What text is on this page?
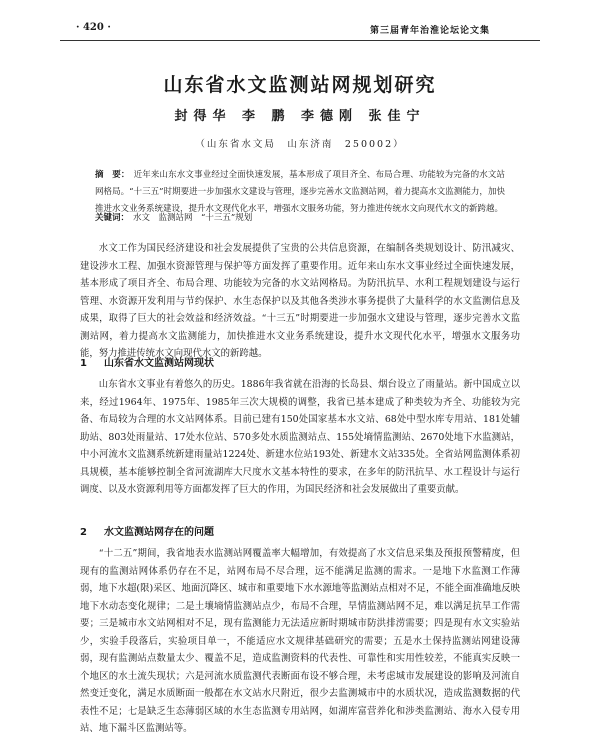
· 420 ·	第三届青年治淮论坛论文集
山东省水文监测站网规划研究
封得华 李 鹏 李德刚 张佳宁
（山东省水文局　山东济南　250002）
摘　要： 近年来山东水文事业经过全面快速发展，基本形成了项目齐全、布局合理、功能较为完备的水文站网格局。“十三五”时期要进一步加强水文建设与管理，逐步完善水文监测站网，着力提高水文监测能力，加快推进水文业务系统建设，提升水文现代化水平，增强水文服务功能，努力推进传统水文向现代水文的新跨越。
关键词： 水文　监测站网　“十三五”规划
水文工作为国民经济建设和社会发展提供了宝贵的公共信息资源，在编制各类规划设计、防汛减灾、建设涉水工程、加强水资源管理与保护等方面发挥了重要作用。近年来山东水文事业经过全面快速发展，基本形成了项目齐全、布局合理、功能较为完备的水文站网格局。为防汛抗旱、水利工程规划建设与运行管理、水资源开发利用与节约保护、水生态保护以及其他各类涉水事务提供了大量科学的水文监测信息及成果，取得了巨大的社会效益和经济效益。“十三五”时期要进一步加强水文建设与管理，逐步完善水文监测站网，着力提高水文监测能力，加快推进水文业务系统建设，提升水文现代化水平，增强水文服务功能，努力推进传统水文向现代水文的新跨越。
1 山东省水文监测站网现状
山东省水文事业有着悠久的历史。1886年我省就在沿海的长岛县、烟台设立了雨量站。新中国成立以来，经过1964年、1975年、1985年三次大规模的调整，我省已基本建成了种类较为齐全、功能较为完备、布局较为合理的水文站网体系。目前已建有150处国家基本水文站、68处中型水库专用站、181处辅助站、803处雨量站、17处水位站、570多处水质监测站点、155处墒情监测站、2670处地下水监测站，中小河流水文监测系统新建雨量站1224处、新建水位站193处、新建水文站335处。全省站网监测体系初具规模，基本能够控制全省河流湖库大尺度水文基本特性的要求，在多年的防汛抗旱、水工程设计与运行调度、以及水资源利用等方面都发挥了巨大的作用，为国民经济和社会发展做出了重要贡献。
2 水文监测站网存在的问题
“十二五”期间，我省地表水监测站网覆盖率大幅增加，有效提高了水文信息采集及预报预警精度，但现有的监测站网体系仍存在不足，站网布局不尽合理，远不能满足监测的需求。一是地下水监测工作薄弱，地下水超(限)采区、地面沉降区、城市和重要地下水水源地等监测站点相对不足，不能全面准确地反映地下水动态变化规律；二是土壤墒情监测站点少，布局不合理，旱情监测站网不足，难以满足抗旱工作需要；三是城市水文站网相对不足，现有监测能力无法适应新时期城市防洪排涝需要；四是现有水文实验站少，实验手段落后，实验项目单一，不能适应水文规律基础研究的需要；五是水土保持监测站网建设薄弱，现有监测站点数量太少、覆盖不足，造成监测资料的代表性、可靠性和实用性较差，不能真实反映一个地区的水土流失现状；六是河流水质监测代表断面布设不够合理，未考虑城市发展建设的影响及河流自然变迁变化，满足水质断面一般都在水文站水尺附近，很少去监测城市中的水质状况，造成监测数据的代表性不足；七是缺乏生态薄弱区域的水生态监测专用站网，如湖库富营养化和涉类监测站、海水入侵专用站、地下漏斗区监测站等。
